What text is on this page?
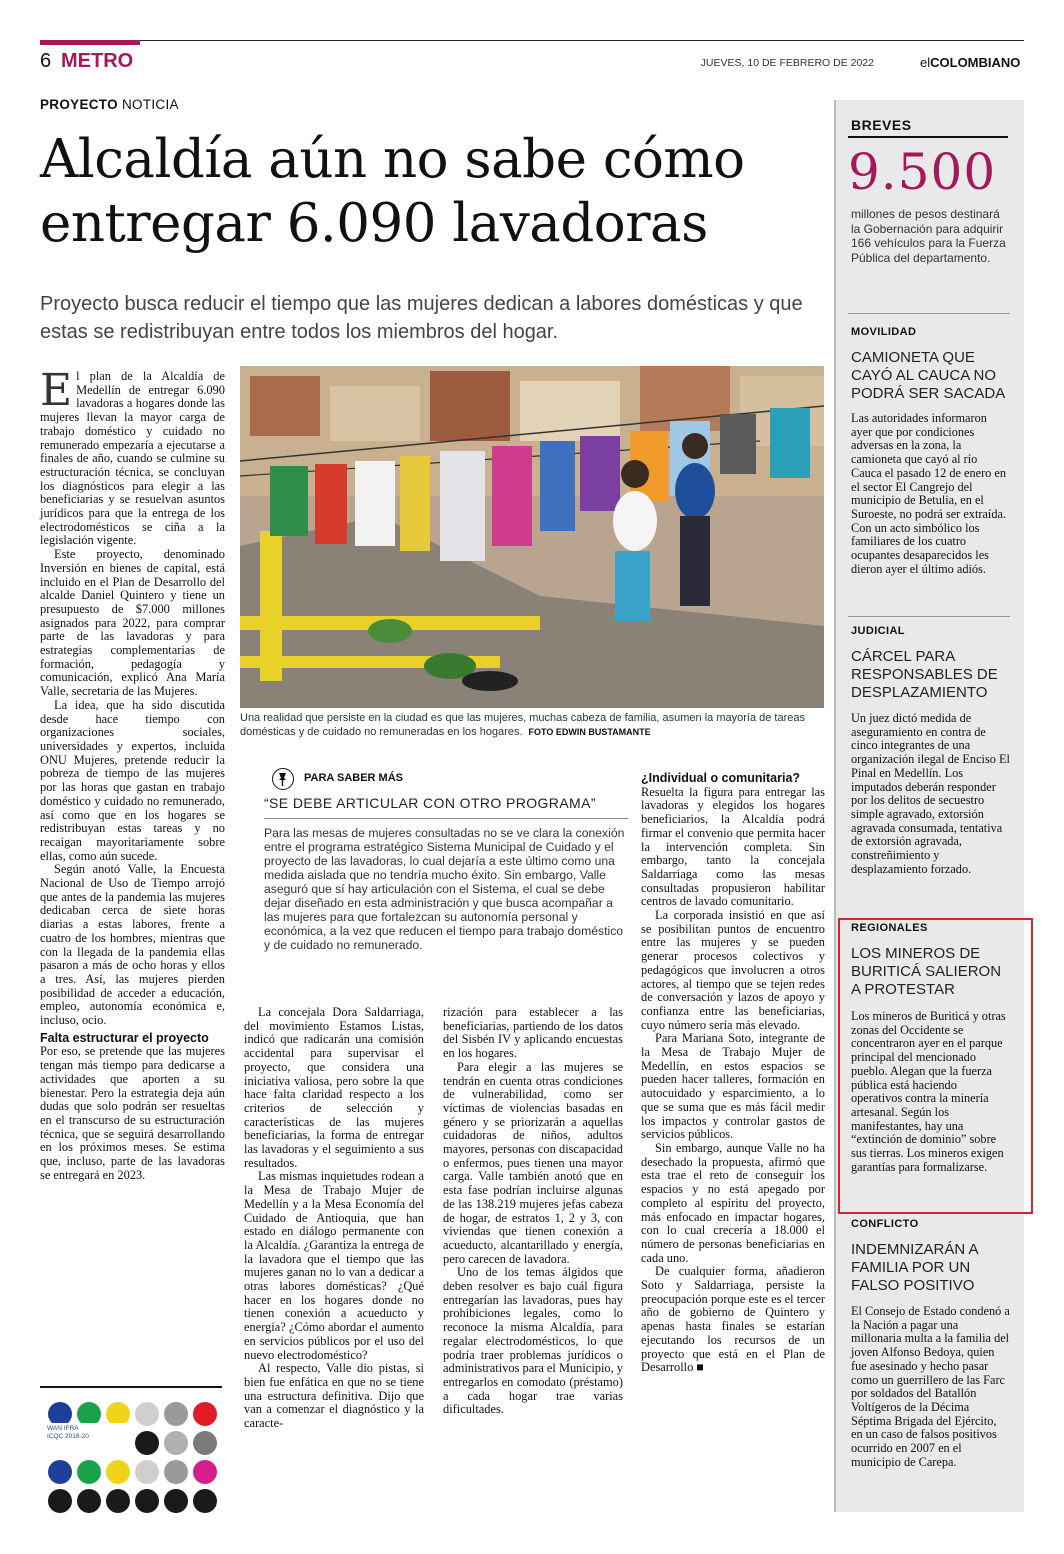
6 METRO	JUEVES, 10 DE FEBRERO DE 2022	elCOLOMBIANO
PROYECTO NOTICIA
Alcaldía aún no sabe cómo entregar 6.090 lavadoras
Proyecto busca reducir el tiempo que las mujeres dedican a labores domésticas y que estas se redistribuyan entre todos los miembros del hogar.

El plan de la Alcaldía de Medellín de entregar 6.090 lavadoras a hogares donde las mujeres llevan la mayor carga de trabajo doméstico y cuidado no remunerado empezaría a ejecutarse a finales de año, cuando se culmine su estructuración técnica, se concluyan los diagnósticos para elegir a las beneficiarias y se resuelvan asuntos jurídicos para que la entrega de los electrodomésticos se ciña a la legislación vigente.

Este proyecto, denominado Inversión en bienes de capital, está incluido en el Plan de Desarrollo del alcalde Daniel Quintero y tiene un presupuesto de $7.000 millones asignados para 2022, para comprar parte de las lavadoras y para estrategias complementarias de formación, pedagogía y comunicación, explicó Ana María Valle, secretaria de las Mujeres.

La idea, que ha sido discutida desde hace tiempo con organizaciones sociales, universidades y expertos, incluida ONU Mujeres, pretende reducir la pobreza de tiempo de las mujeres por las horas que gastan en trabajo doméstico y cuidado no remunerado, así como que en los hogares se redistribuyan estas tareas y no recaigan mayoritariamente sobre ellas, como aún sucede.

Según anotó Valle, la Encuesta Nacional de Uso de Tiempo arrojó que antes de la pandemia las mujeres dedicaban cerca de siete horas diarias a estas labores, frente a cuatro de los hombres, mientras que con la llegada de la pandemia ellas pasaron a más de ocho horas y ellos a tres. Así, las mujeres pierden posibilidad de acceder a educación, empleo, autonomía económica e, incluso, ocio.

Falta estructurar el proyecto

Por eso, se pretende que las mujeres tengan más tiempo para dedicarse a actividades que aporten a su bienestar. Pero la estrategia deja aún dudas que solo podrán ser resueltas en el transcurso de su estructuración técnica, que se seguirá desarrollando en los próximos meses. Se estima que, incluso, parte de las lavadoras se entregará en 2023.

Una realidad que persiste en la ciudad es que las mujeres, muchas cabeza de familia, asumen la mayoría de tareas domésticas y de cuidado no remuneradas en los hogares. FOTO EDWIN BUSTAMANTE
PARA SABER MÁS
“SE DEBE ARTICULAR CON OTRO PROGRAMA”
Para las mesas de mujeres consultadas no se ve clara la conexión entre el programa estratégico Sistema Municipal de Cuidado y el proyecto de las lavadoras, lo cual dejaría a este último como una medida aislada que no tendría mucho éxito. Sin embargo, Valle aseguró que sí hay articulación con el Sistema, el cual se debe dejar diseñado en esta administración y que busca acompañar a las mujeres para que fortalezcan su autonomía personal y económica, a la vez que reducen el tiempo para trabajo doméstico y de cuidado no remunerado.

La concejala Dora Saldarriaga, del movimiento Estamos Listas, indicó que radicarán una comisión accidental para supervisar el proyecto, que considera una iniciativa valiosa, pero sobre la que hace falta claridad respecto a los criterios de selección y características de las mujeres beneficiarias, la forma de entregar las lavadoras y el seguimiento a sus resultados.

Las mismas inquietudes rodean a la Mesa de Trabajo Mujer de Medellín y a la Mesa Economía del Cuidado de Antioquia, que han estado en diálogo permanente con la Alcaldía. ¿Garantiza la entrega de la lavadora que el tiempo que las mujeres ganan no lo van a dedicar a otras labores domésticas? ¿Qué hacer en los hogares donde no tienen conexión a acueducto y energía? ¿Cómo abordar el aumento en servicios públicos por el uso del nuevo electrodoméstico?

Al respecto, Valle dio pistas, si bien fue enfática en que no se tiene una estructura definitiva. Dijo que van a comenzar el diagnóstico y la caracte-

rización para establecer a las beneficiarias, partiendo de los datos del Sisbén IV y aplicando encuestas en los hogares.

Para elegir a las mujeres se tendrán en cuenta otras condiciones de vulnerabilidad, como ser víctimas de violencias basadas en género y se priorizarán a aquellas cuidadoras de niños, adultos mayores, personas con discapacidad o enfermos, pues tienen una mayor carga. Valle también anotó que en esta fase podrían incluirse algunas de las 138.219 mujeres jefas cabeza de hogar, de estratos 1, 2 y 3, con viviendas que tienen conexión a acueducto, alcantarillado y energía, pero carecen de lavadora.

Uno de los temas álgidos que deben resolver es bajo cuál figura entregarían las lavadoras, pues hay prohibiciones legales, como lo reconoce la misma Alcaldía, para regalar electrodomésticos, lo que podría traer problemas jurídicos o administrativos para el Municipio, y entregarlos en comodato (préstamo) a cada hogar trae varias dificultades.

¿Individual o comunitaria?

Resuelta la figura para entregar las lavadoras y elegidos los hogares beneficiarios, la Alcaldía podrá firmar el convenio que permita hacer la intervención completa. Sin embargo, tanto la concejala Saldarriaga como las mesas consultadas propusieron habilitar centros de lavado comunitario.

La corporada insistió en que así se posibilitan puntos de encuentro entre las mujeres y se pueden generar procesos colectivos y pedagógicos que involucren a otros actores, al tiempo que se tejen redes de conversación y lazos de apoyo y confianza entre las beneficiarias, cuyo número sería más elevado.

Para Mariana Soto, integrante de la Mesa de Trabajo Mujer de Medellín, en estos espacios se pueden hacer talleres, formación en autocuidado y esparcimiento, a lo que se suma que es más fácil medir los impactos y controlar gastos de servicios públicos.

Sin embargo, aunque Valle no ha desechado la propuesta, afirmó que esta trae el reto de conseguir los espacios y no está apegado por completo al espíritu del proyecto, más enfocado en impactar hogares, con lo cual crecería a 18.000 el número de personas beneficiarias en cada uno.

De cualquier forma, añadieron Soto y Saldarriaga, persiste la preocupación porque este es el tercer año de gobierno de Quintero y apenas hasta finales se estarían ejecutando los recursos de un proyecto que está en el Plan de Desarrollo ■

WAN IFRA
ICQC 2018-20
BREVES
9.500
millones de pesos destinará la Gobernación para adquirir 166 vehículos para la Fuerza Pública del departamento.
MOVILIDAD
CAMIONETA QUE CAYÓ AL CAUCA NO PODRÁ SER SACADA
Las autoridades informaron ayer que por condiciones adversas en la zona, la camioneta que cayó al río Cauca el pasado 12 de enero en el sector El Cangrejo del municipio de Betulia, en el Suroeste, no podrá ser extraída. Con un acto simbólico los familiares de los cuatro ocupantes desaparecidos les dieron ayer el último adiós.
JUDICIAL
CÁRCEL PARA RESPONSABLES DE DESPLAZAMIENTO
Un juez dictó medida de aseguramiento en contra de cinco integrantes de una organización ilegal de Enciso El Pinal en Medellín. Los imputados deberán responder por los delitos de secuestro simple agravado, extorsión agravada consumada, tentativa de extorsión agravada, constreñimiento y desplazamiento forzado.
REGIONALES
LOS MINEROS DE BURITICÁ SALIERON A PROTESTAR
Los mineros de Buriticá y otras zonas del Occidente se concentraron ayer en el parque principal del mencionado pueblo. Alegan que la fuerza pública está haciendo operativos contra la minería artesanal. Según los manifestantes, hay una “extinción de dominio” sobre sus tierras. Los mineros exigen garantías para formalizarse.
CONFLICTO
INDEMNIZARÁN A FAMILIA POR UN FALSO POSITIVO
El Consejo de Estado condenó a la Nación a pagar una millonaria multa a la familia del joven Alfonso Bedoya, quien fue asesinado y hecho pasar como un guerrillero de las Farc por soldados del Batallón Voltígeros de la Décima Séptima Brigada del Ejército, en un caso de falsos positivos ocurrido en 2007 en el municipio de Carepa.
